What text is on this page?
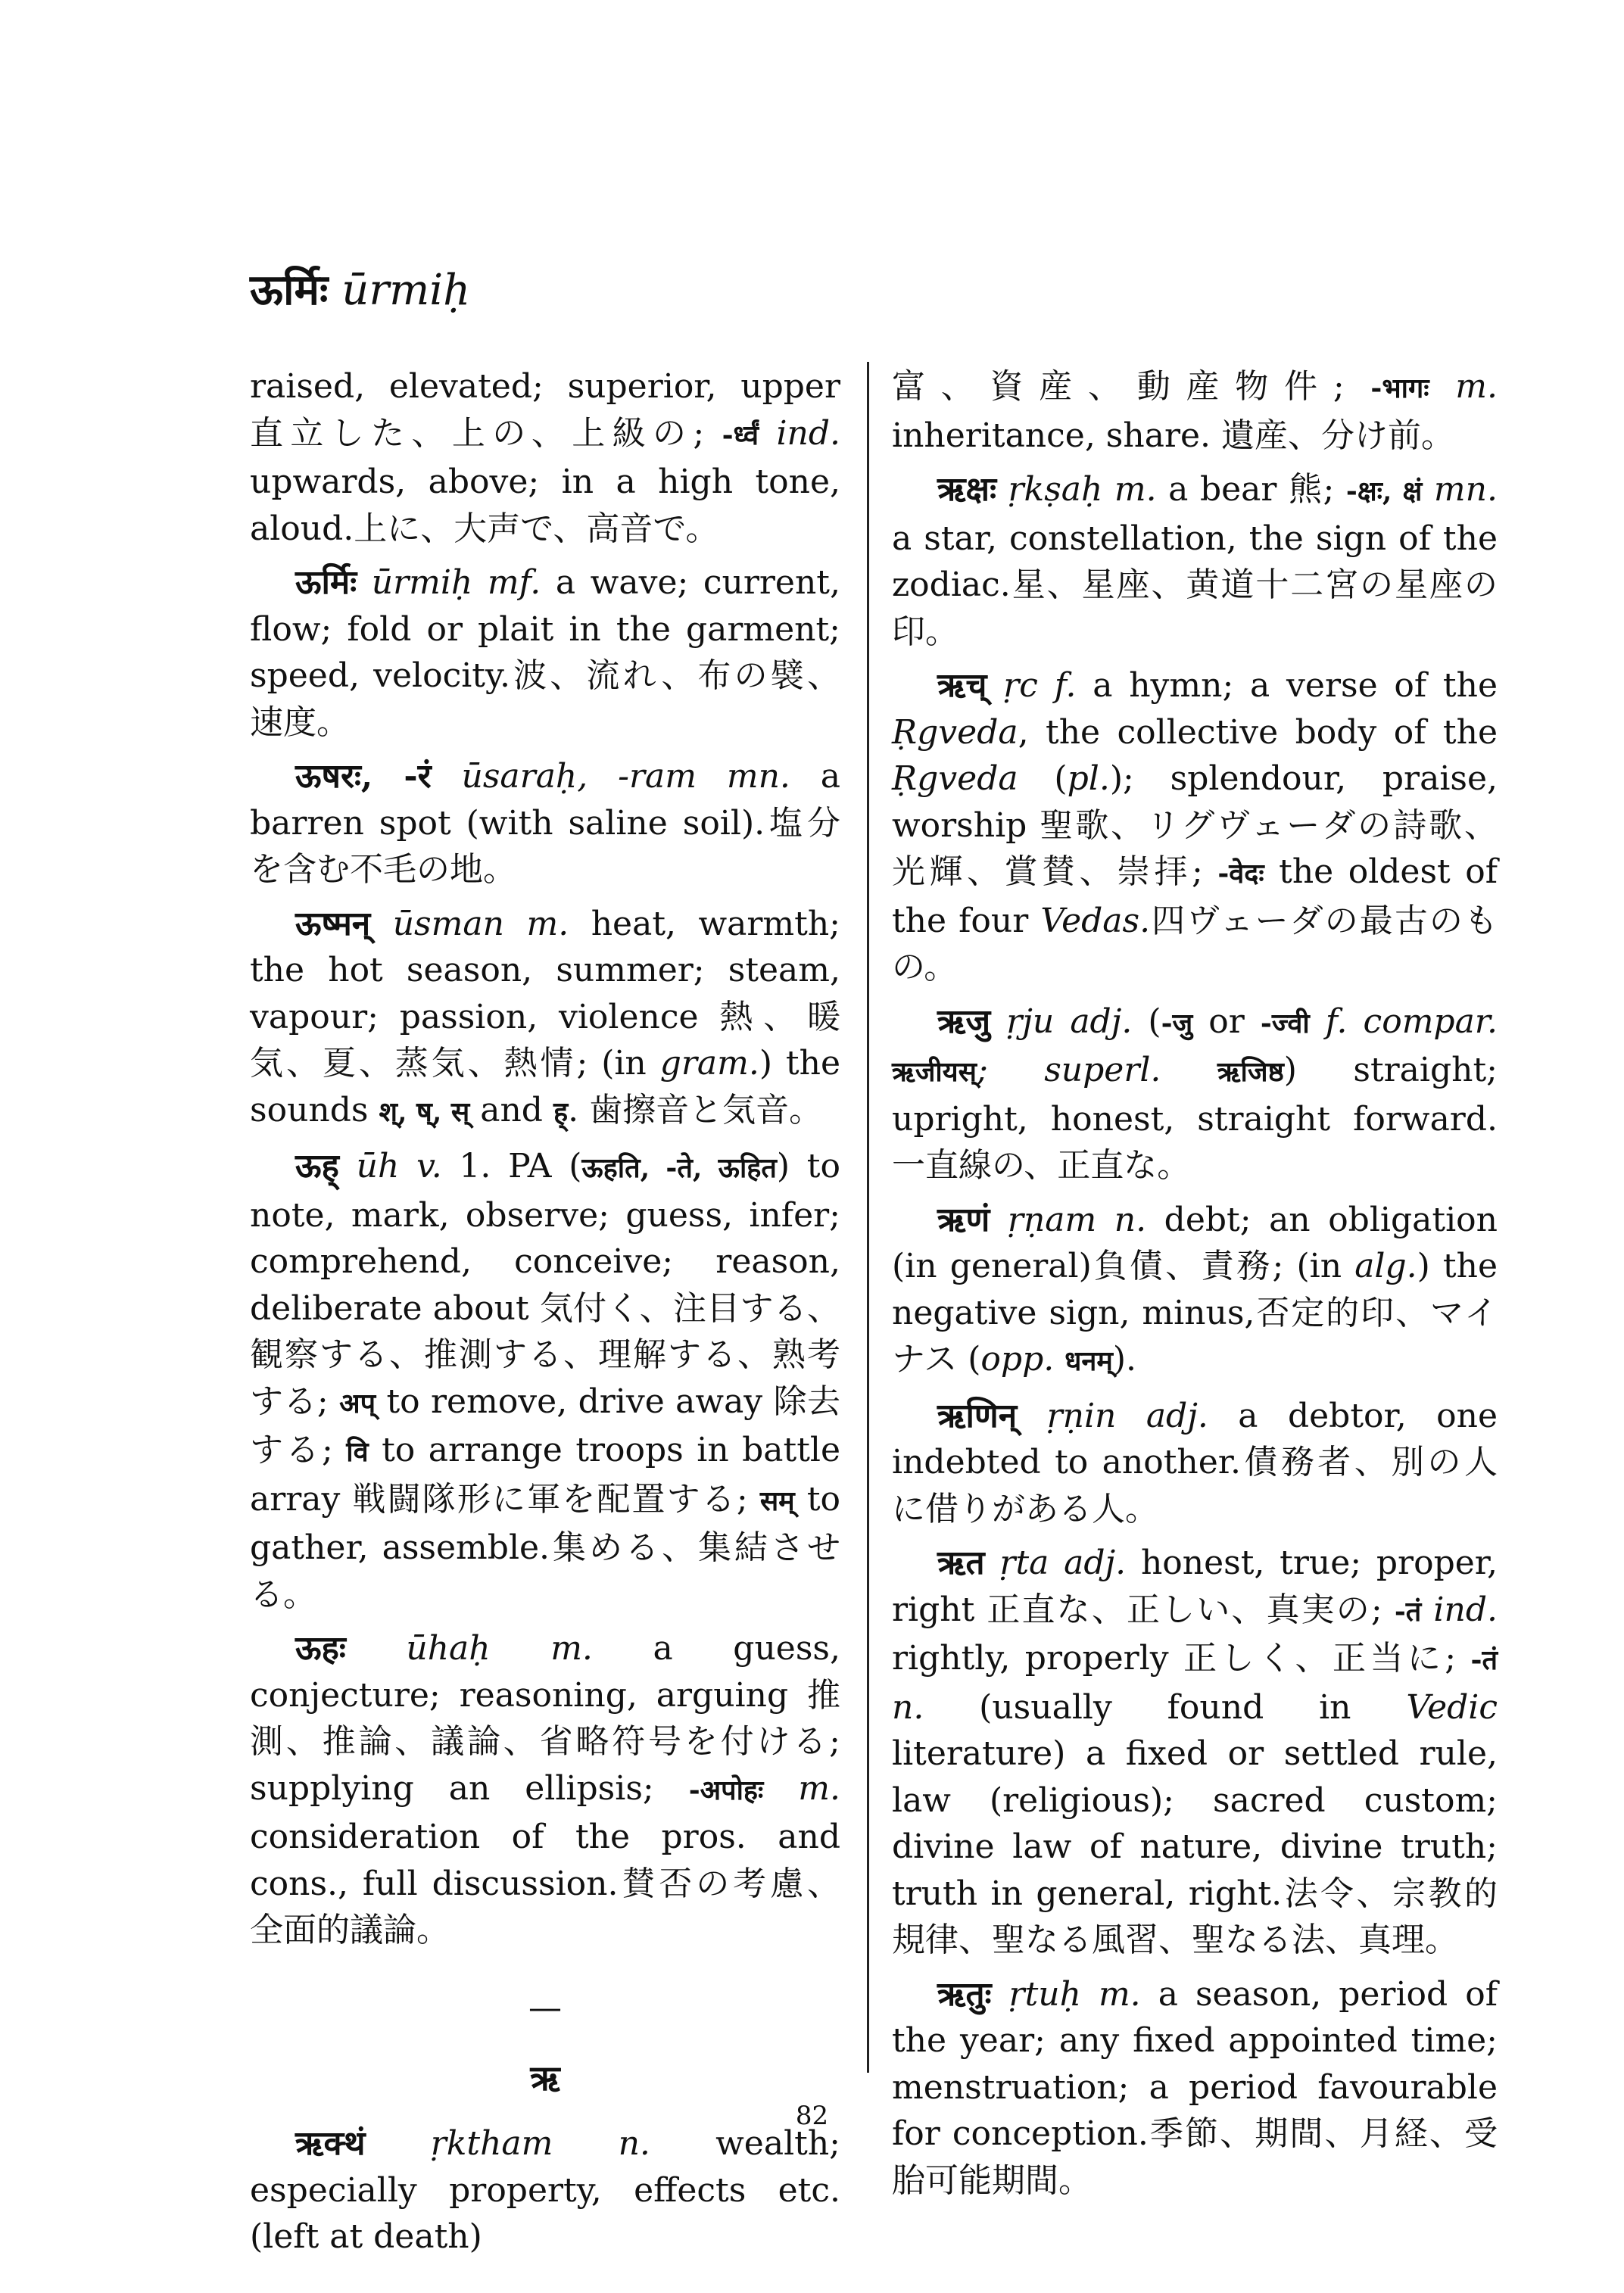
ऊर्मिः ūrmiḥ

raised, elevated; superior, upper 直立した、上の、上級の; -र्ध्वं ind. upwards, above; in a high tone, aloud.上に、大声で、高音で。

ऊर्मिः ūrmiḥ mf. a wave; current, flow; fold or plait in the garment; speed, velocity.波、流れ、布の襞、速度。

ऊषरः, -रं ūsaraḥ, -ram mn. a barren spot (with saline soil).塩分を含む不毛の地。

ऊष्मन् ūsman m. heat, warmth; the hot season, summer; steam, vapour; passion, violence 熱、暖気、夏、蒸気、熱情; (in gram.) the sounds श्, ष्, स् and ह्. 歯擦音と気音。

ऊह् ūh v. 1. PA (ऊहति, -ते, ऊहित) to note, mark, observe; guess, infer; comprehend, conceive; reason, deliberate about 気付く、注目する、観察する、推測する、理解する、熟考する; अप् to remove, drive away 除去する; वि to arrange troops in battle array 戦闘隊形に軍を配置する; सम् to gather, assemble.集める、集結させる。

ऊहः ūhaḥ m. a guess, conjecture; reasoning, arguing 推測、推論、議論、省略符号を付ける; supplying an ellipsis; -अपोहः m. consideration of the pros. and cons., full discussion.賛否の考慮、全面的議論。

—
ऋ

ऋक्थं ṛktham n. wealth; especially property, effects etc. (left at death)

富、資産、動産物件; -भागः m. inheritance, share. 遺産、分け前。

ऋक्षः ṛkṣaḥ m. a bear 熊; -क्षः, क्षं mn. a star, constellation, the sign of the zodiac.星、星座、黄道十二宮の星座の印。

ऋच् ṛc f. a hymn; a verse of the Ṛgveda, the collective body of the Ṛgveda (pl.); splendour, praise, worship 聖歌、リグヴェーダの詩歌、光輝、賞賛、崇拝; -वेदः the oldest of the four Vedas.四ヴェーダの最古のもの。

ऋजु ṛju adj. (-जु or -ज्वी f. compar. ऋजीयस्; superl. ऋजिष्ठ) straight; upright, honest, straight forward. 一直線の、正直な。

ऋणं ṛṇam n. debt; an obligation (in general)負債、責務; (in alg.) the negative sign, minus,否定的印、マイナス (opp. धनम्).

ऋणिन् ṛṇin adj. a debtor, one indebted to another.債務者、別の人に借りがある人。

ऋत ṛta adj. honest, true; proper, right 正直な、正しい、真実の; -तं ind. rightly, properly 正しく、正当に; -तं n. (usually found in Vedic literature) a fixed or settled rule, law (religious); sacred custom; divine law of nature, divine truth; truth in general, right.法令、宗教的規律、聖なる風習、聖なる法、真理。

ऋतुः ṛtuḥ m. a season, period of the year; any fixed appointed time; menstruation; a period favourable for conception.季節、期間、月経、受胎可能期間。

82
